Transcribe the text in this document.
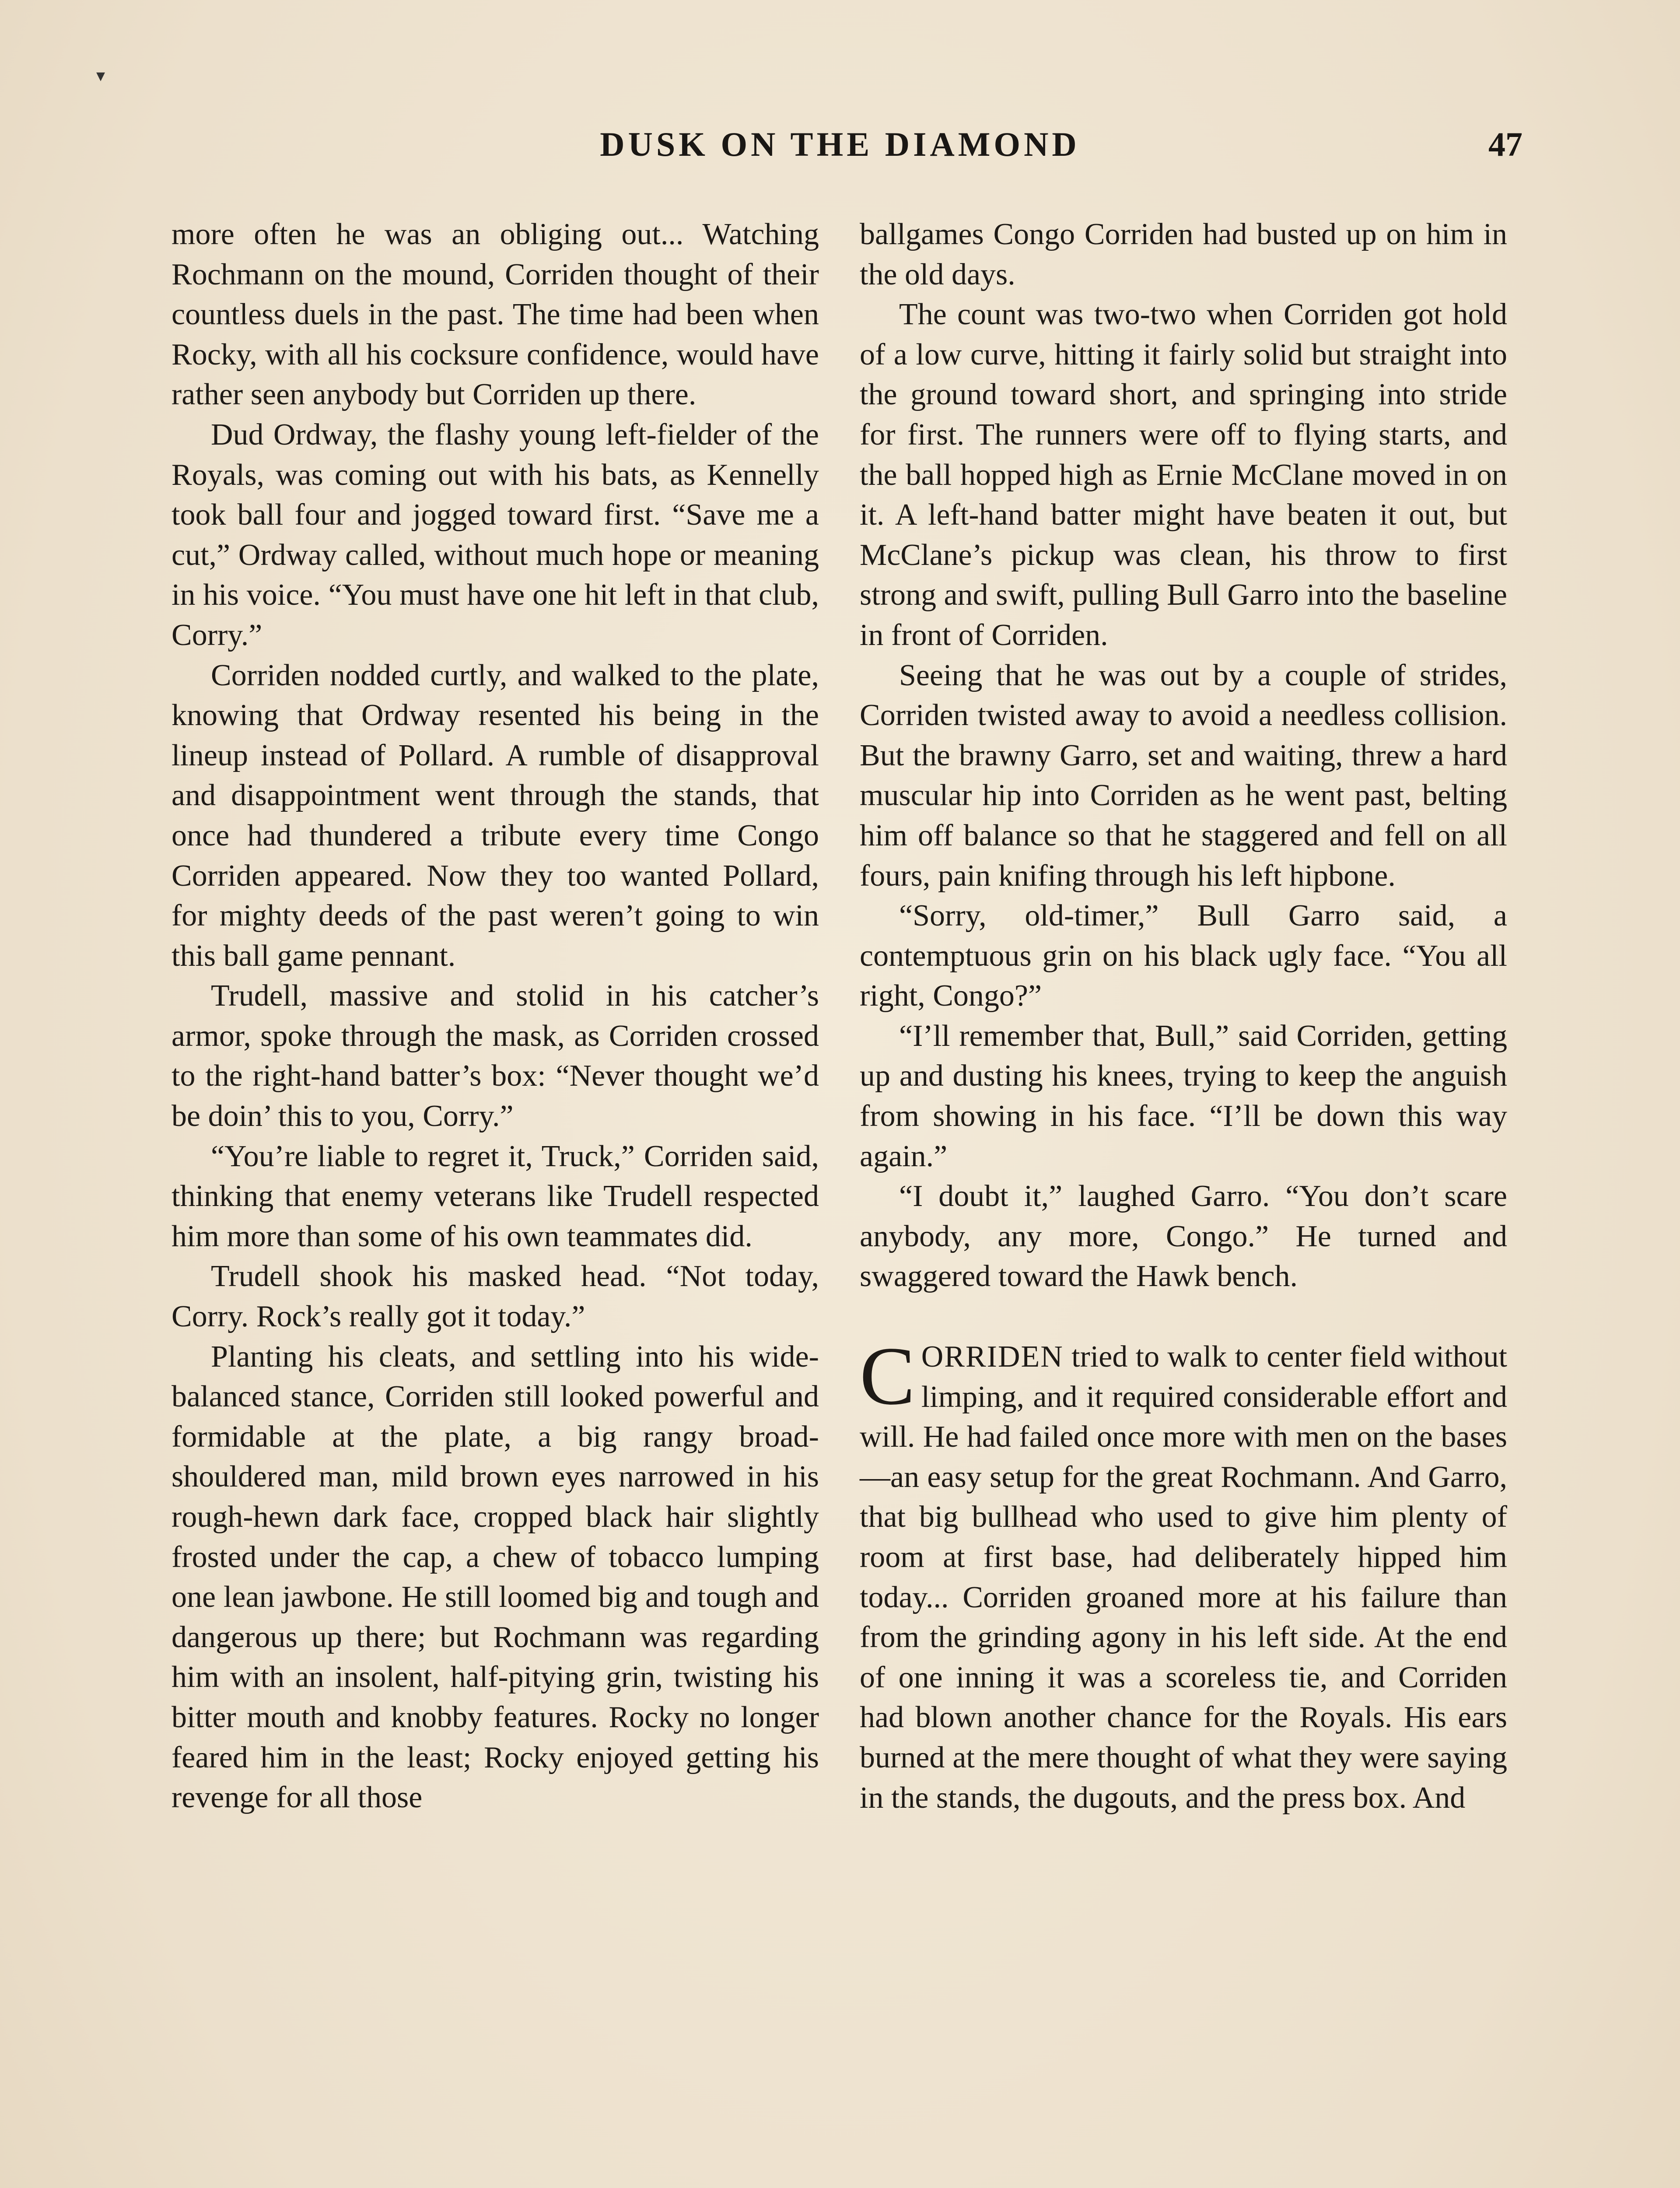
▾
DUSK ON THE DIAMOND	47

more often he was an obliging out... Watching Rochmann on the mound, Corriden thought of their countless duels in the past. The time had been when Rocky, with all his cocksure confidence, would have rather seen anybody but Corriden up there.

Dud Ordway, the flashy young left-fielder of the Royals, was coming out with his bats, as Kennelly took ball four and jogged toward first. “Save me a cut,” Ordway called, without much hope or meaning in his voice. “You must have one hit left in that club, Corry.”

Corriden nodded curtly, and walked to the plate, knowing that Ordway resented his being in the lineup instead of Pollard. A rumble of disapproval and disappointment went through the stands, that once had thundered a tribute every time Congo Corriden appeared. Now they too wanted Pollard, for mighty deeds of the past weren’t going to win this ball game pennant.

Trudell, massive and stolid in his catcher’s armor, spoke through the mask, as Corriden crossed to the right-hand batter’s box: “Never thought we’d be doin’ this to you, Corry.”

“You’re liable to regret it, Truck,” Corriden said, thinking that enemy veterans like Trudell respected him more than some of his own teammates did.

Trudell shook his masked head. “Not today, Corry. Rock’s really got it today.”

Planting his cleats, and settling into his wide-balanced stance, Corriden still looked powerful and formidable at the plate, a big rangy broad-shouldered man, mild brown eyes narrowed in his rough-hewn dark face, cropped black hair slightly frosted under the cap, a chew of tobacco lumping one lean jawbone. He still loomed big and tough and dangerous up there; but Rochmann was regarding him with an insolent, half-pitying grin, twisting his bitter mouth and knobby features. Rocky no longer feared him in the least; Rocky enjoyed getting his revenge for all those

ballgames Congo Corriden had busted up on him in the old days.

The count was two-two when Corriden got hold of a low curve, hitting it fairly solid but straight into the ground toward short, and springing into stride for first. The runners were off to flying starts, and the ball hopped high as Ernie McClane moved in on it. A left-hand batter might have beaten it out, but McClane’s pickup was clean, his throw to first strong and swift, pulling Bull Garro into the baseline in front of Corriden.

Seeing that he was out by a couple of strides, Corriden twisted away to avoid a needless collision. But the brawny Garro, set and waiting, threw a hard muscular hip into Corriden as he went past, belting him off balance so that he staggered and fell on all fours, pain knifing through his left hipbone.

“Sorry, old-timer,” Bull Garro said, a contemptuous grin on his black ugly face. “You all right, Congo?”

“I’ll remember that, Bull,” said Corriden, getting up and dusting his knees, trying to keep the anguish from showing in his face. “I’ll be down this way again.”

“I doubt it,” laughed Garro. “You don’t scare anybody, any more, Congo.” He turned and swaggered toward the Hawk bench.

CORRIDEN tried to walk to center field without limping, and it required considerable effort and will. He had failed once more with men on the bases—an easy setup for the great Rochmann. And Garro, that big bullhead who used to give him plenty of room at first base, had deliberately hipped him today... Corriden groaned more at his failure than from the grinding agony in his left side. At the end of one inning it was a scoreless tie, and Corriden had blown another chance for the Royals. His ears burned at the mere thought of what they were saying in the stands, the dugouts, and the press box. And
